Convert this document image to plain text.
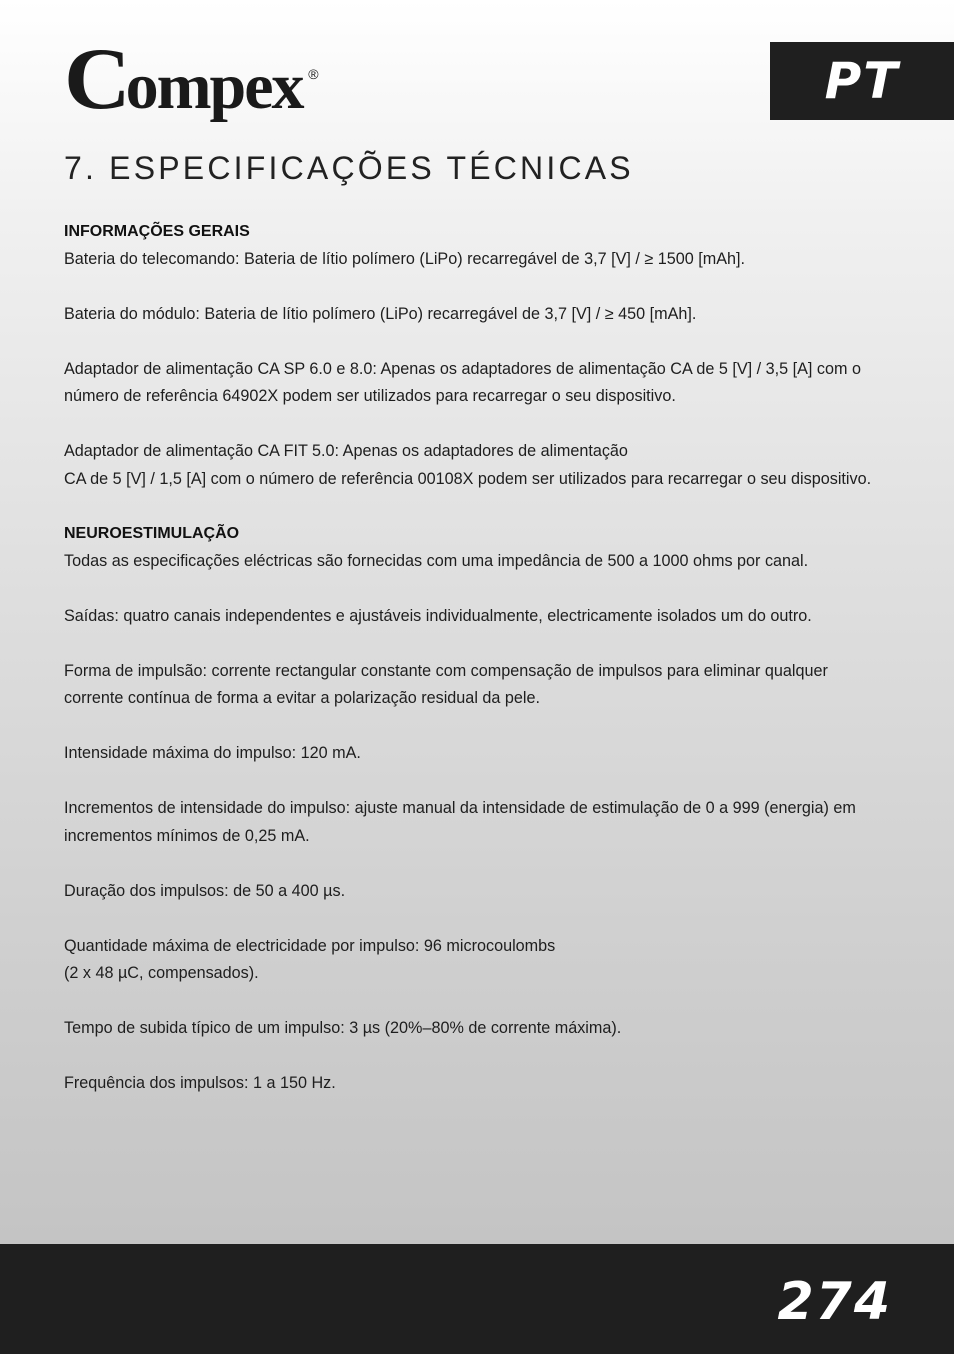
Compex ®	PT
7. ESPECIFICAÇÕES TÉCNICAS
INFORMAÇÕES GERAIS

Bateria do telecomando: Bateria de lítio polímero (LiPo) recarregável de 3,7 [V] / ≥ 1500 [mAh].

Bateria do módulo: Bateria de lítio polímero (LiPo) recarregável de 3,7 [V] / ≥ 450 [mAh].

Adaptador de alimentação CA SP 6.0 e 8.0: Apenas os adaptadores de alimentação CA de 5 [V] / 3,5 [A] com o número de referência 64902X podem ser utilizados para recarregar o seu dispositivo.

Adaptador de alimentação CA FIT 5.0: Apenas os adaptadores de alimentação

CA de 5 [V] / 1,5 [A] com o número de referência 00108X podem ser utilizados para recarregar o seu dispositivo.

NEUROESTIMULAÇÃO

Todas as especificações eléctricas são fornecidas com uma impedância de 500 a 1000 ohms por canal.

Saídas: quatro canais independentes e ajustáveis individualmente, electricamente isolados um do outro.

Forma de impulsão: corrente rectangular constante com compensação de impulsos para eliminar qualquer corrente contínua de forma a evitar a polarização residual da pele.

Intensidade máxima do impulso: 120 mA.

Incrementos de intensidade do impulso: ajuste manual da intensidade de estimulação de 0 a 999 (energia) em incrementos mínimos de 0,25 mA.

Duração dos impulsos: de 50 a 400 µs.

Quantidade máxima de electricidade por impulso: 96 microcoulombs

(2 x 48 µC, compensados).

Tempo de subida típico de um impulso: 3 µs (20%–80% de corrente máxima).

Frequência dos impulsos: 1 a 150 Hz.

274
